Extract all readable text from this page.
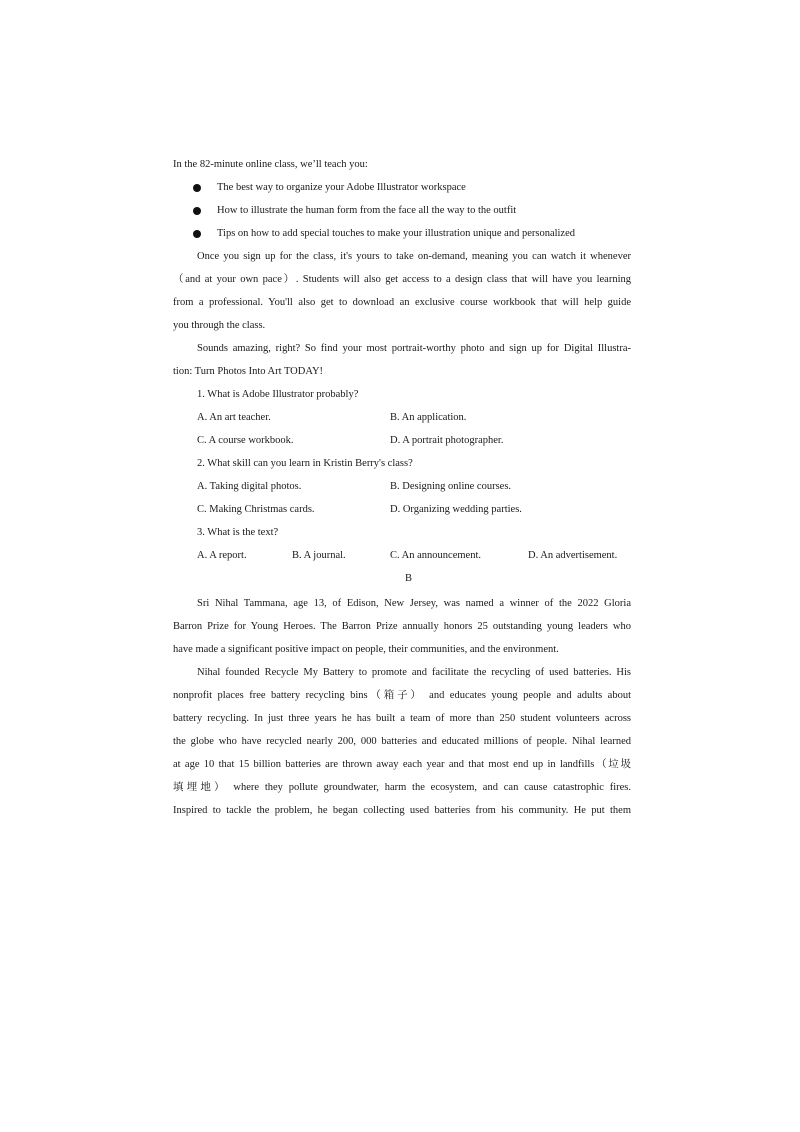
In the 82-minute online class, we’ll teach you:
The best way to organize your Adobe Illustrator workspace
How to illustrate the human form from the face all the way to the outfit
Tips on how to add special touches to make your illustration unique and personalized
Once you sign up for the class, it's yours to take on-demand, meaning you can watch it whenever
（and at your own pace）. Students will also get access to a design class that will have you learning
from a professional. You'll also get to download an exclusive course workbook that will help guide
you through the class.
Sounds amazing, right? So find your most portrait-worthy photo and sign up for Digital Illustra-
tion: Turn Photos Into Art TODAY!
1. What is Adobe Illustrator probably?
A. An art teacher.	B. An application.
C. A course workbook.	D. A portrait photographer.
2. What skill can you learn in Kristin Berry's class?
A. Taking digital photos.	B. Designing online courses.
C. Making Christmas cards.	D. Organizing wedding parties.
3. What is the text?
A. A report.	B. A journal.	C. An announcement.	D. An advertisement.
B
Sri Nihal Tammana, age 13, of Edison, New Jersey, was named a winner of the 2022 Gloria
Barron Prize for Young Heroes. The Barron Prize annually honors 25 outstanding young leaders who
have made a significant positive impact on people, their communities, and the environment.
Nihal founded Recycle My Battery to promote and facilitate the recycling of used batteries. His
nonprofit places free battery recycling bins（箱子） and educates young people and adults about
battery recycling. In just three years he has built a team of more than 250 student volunteers across
the globe who have recycled nearly 200, 000 batteries and educated millions of people. Nihal learned
at age 10 that 15 billion batteries are thrown away each year and that most end up in landfills（垃圾
填埋地） where they pollute groundwater, harm the ecosystem, and can cause catastrophic fires.
Inspired to tackle the problem, he began collecting used batteries from his community. He put them
